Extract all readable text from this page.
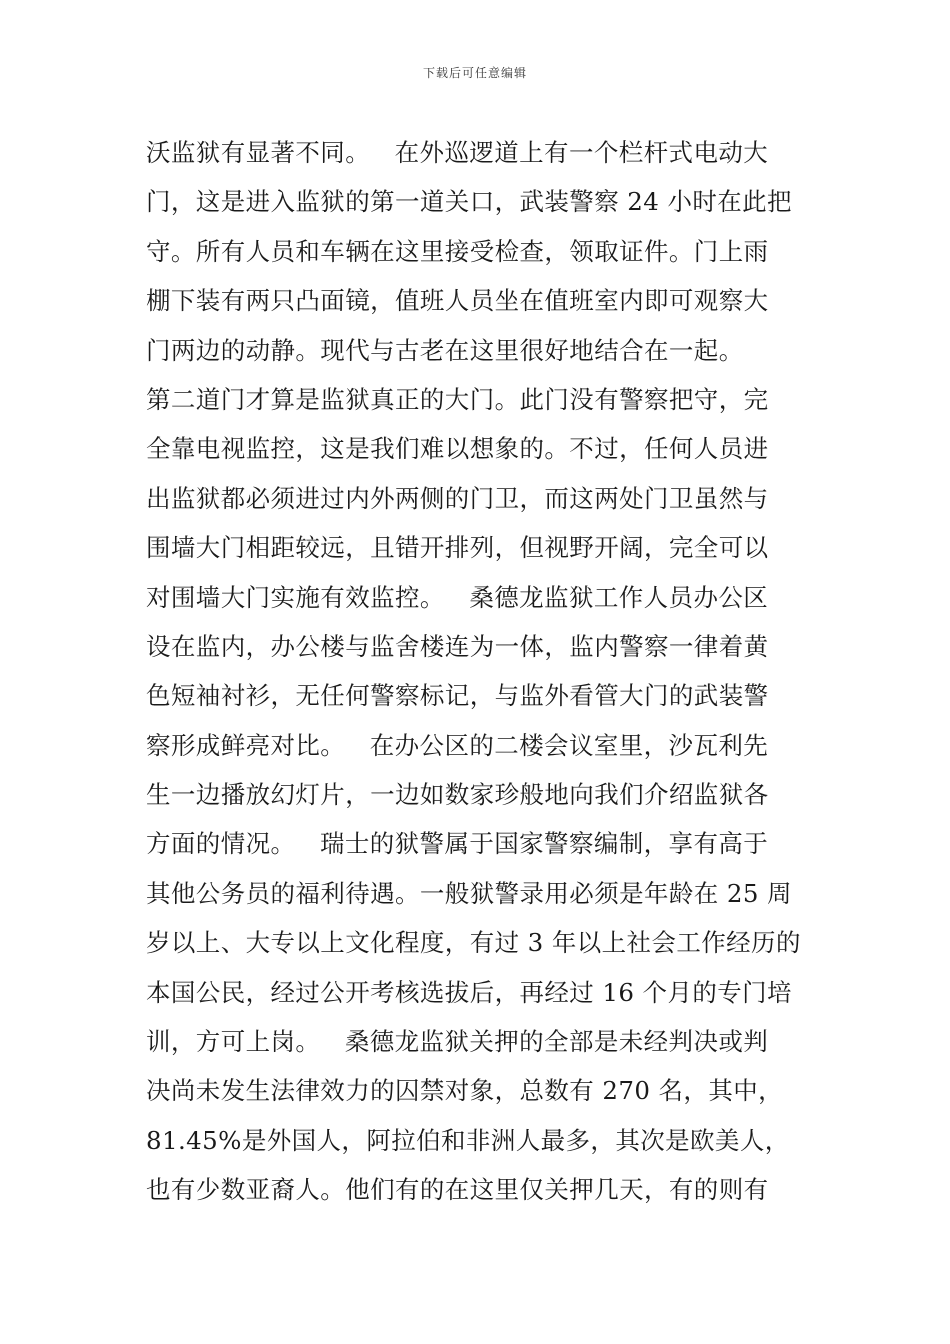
下载后可任意编辑
沃监狱有显著不同。   在外巡逻道上有一个栏杆式电动大
门，这是进入监狱的第一道关口，武装警察 24 小时在此把
守。所有人员和车辆在这里接受检查，领取证件。门上雨
棚下装有两只凸面镜，值班人员坐在值班室内即可观察大
门两边的动静。现代与古老在这里很好地结合在一起。
第二道门才算是监狱真正的大门。此门没有警察把守，完
全靠电视监控，这是我们难以想象的。不过，任何人员进
出监狱都必须进过内外两侧的门卫，而这两处门卫虽然与
围墙大门相距较远，且错开排列，但视野开阔，完全可以
对围墙大门实施有效监控。   桑德龙监狱工作人员办公区
设在监内，办公楼与监舍楼连为一体，监内警察一律着黄
色短袖衬衫，无任何警察标记，与监外看管大门的武装警
察形成鲜亮对比。   在办公区的二楼会议室里，沙瓦利先
生一边播放幻灯片，一边如数家珍般地向我们介绍监狱各
方面的情况。   瑞士的狱警属于国家警察编制，享有高于
其他公务员的福利待遇。一般狱警录用必须是年龄在 25 周
岁以上、大专以上文化程度，有过 3 年以上社会工作经历的
本国公民，经过公开考核选拔后，再经过 16 个月的专门培
训，方可上岗。   桑德龙监狱关押的全部是未经判决或判
决尚未发生法律效力的囚禁对象，总数有 270 名，其中，
81.45%是外国人，阿拉伯和非洲人最多，其次是欧美人，
也有少数亚裔人。他们有的在这里仅关押几天，有的则有
